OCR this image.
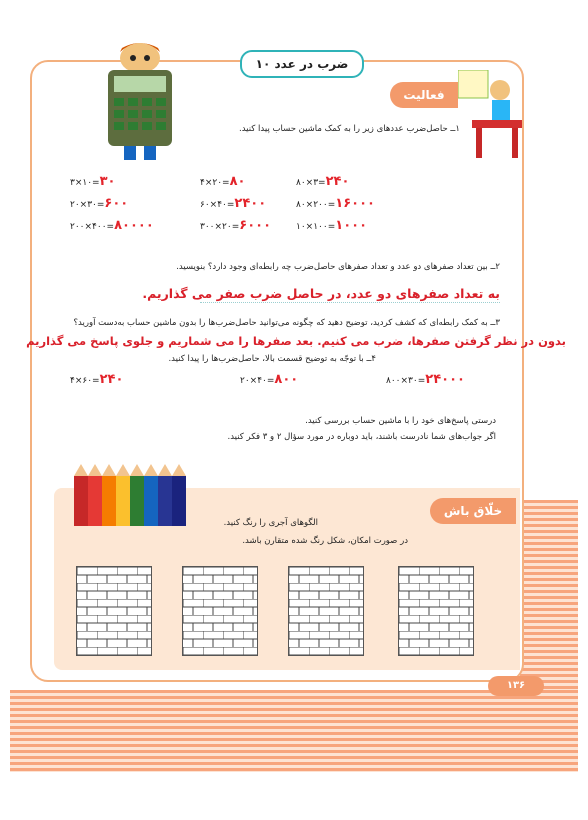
ضرب در عدد ۱۰
فعالیت
۱ــ حاصل‌ضرب عددهای زیر را به کمک ماشین حساب پیدا کنید.
۳×۱۰=۳۰	۴×۲۰=۸۰	۸۰×۳=۲۴۰
۲۰×۳۰=۶۰۰	۶۰×۴۰=۲۴۰۰	۸۰×۲۰۰=۱۶۰۰۰
۲۰۰×۴۰۰=۸۰۰۰۰	۳۰۰×۲۰=۶۰۰۰	۱۰×۱۰۰=۱۰۰۰
۲ــ بین تعداد صفرهای دو عدد و تعداد صفرهای حاصل‌ضرب چه رابطه‌ای وجود دارد؟ بنویسید.
به تعداد صفرهای دو عدد، در حاصل ضرب صفر می گذاریم.
۳ــ به کمک رابطه‌ای که کشف کردید، توضیح دهید که چگونه می‌توانید حاصل‌ضرب‌ها را بدون ماشین حساب به‌دست آورید؟
بدون در نظر گرفتن صفرها، ضرب می کنیم. بعد صفرها را می شماریم و جلوی پاسخ می گذاریم
۴ــ با توجّه به توضیح قسمت بالا، حاصل‌ضرب‌ها را پیدا کنید.
۴×۶۰=۲۴۰	۲۰×۴۰=۸۰۰	۸۰۰×۳۰=۲۴۰۰۰
درستی پاسخ‌های خود را با ماشین حساب بررسی کنید.
اگر جواب‌های شما نادرست باشند، باید دوباره در مورد سؤال ۲ و ۳ فکر کنید.
خلّاق باش
الگوهای آجری را رنگ کنید.
در صورت امکان، شکل رنگ شده متقارن باشد.
۱۳۶
